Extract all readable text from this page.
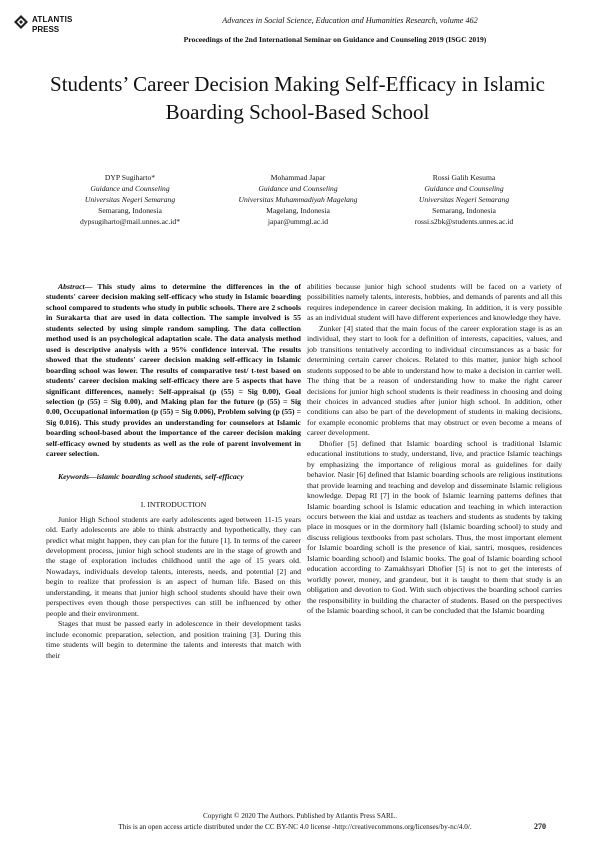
ATLANTIS
PRESS
Advances in Social Science, Education and Humanities Research, volume 462
Proceedings of the 2nd International Seminar on Guidance and Counseling 2019 (ISGC 2019)
Students’ Career Decision Making Self-Efficacy in Islamic Boarding School-Based School
DYP Sugiharto*
Guidance and Counseling
Universitas Negeri Semarang
Semarang, Indonesia
dypsugiharto@mail.unnes.ac.id*
Mohammad Japar
Guidance and Counseling
Universitas Muhammadiyah Magelang
Magelang, Indonesia
japar@ummgl.ac.id
Rossi Galih Kesuma
Guidance and Counseling
Universitas Negeri Semarang
Semarang, Indonesia
rossi.s2bk@students.unnes.ac.id

Abstract— This study aims to determine the differences in the of students' career decision making self-efficacy who study in Islamic boarding school compared to students who study in public schools. There are 2 schools in Surakarta that are used in data collection. The sample involved is 55 students selected by using simple random sampling. The data collection method used is an psychological adaptation scale. The data analysis method used is descriptive analysis with a 95% confidence interval. The results showed that the students' career decision making self-efficacy in Islamic boarding school was lower. The results of comparative test/ t-test based on students' career decision making self-efficacy there are 5 aspects that have significant differences, namely: Self-appraisal (p (55) = Sig 0.00), Goal selection (p (55) = Sig 0.00), and Making plan for the future (p (55) = Sig 0.00, Occupational information (p (55) = Sig 0.006), Problem solving (p (55) = Sig 0.016). This study provides an understanding for counselors at Islamic boarding school-based about the importance of the career decision making self-efficacy owned by students as well as the role of parent involvement in career selection.

Keywords—islamic boarding school students, self-efficacy

I. INTRODUCTION

Junior High School students are early adolescents aged between 11-15 years old. Early adolescents are able to think abstractly and hypothetically, they can predict what might happen, they can plan for the future [1]. In terms of the career development process, junior high school students are in the stage of growth and the stage of exploration includes childhood until the age of 15 years old. Nowadays, individuals develop talents, interests, needs, and potential [2] and begin to realize that profession is an aspect of human life. Based on this understanding, it means that junior high school students should have their own perspectives even though those perspectives can still be influenced by other people and their environment.

Stages that must be passed early in adolescence in their development tasks include economic preparation, selection, and position training [3]. During this time students will begin to determine the talents and interests that match with their

abilities because junior high school students will be faced on a variety of possibilities namely talents, interests, hobbies, and demands of parents and all this requires independence in career decision making. In addition, it is very possible as an individual student will have different experiences and knowledge they have.

Zunker [4] stated that the main focus of the career exploration stage is as an individual, they start to look for a definition of interests, capacities, values, and job transitions tentatively according to individual circumstances as a basic for determining certain career choices. Related to this matter, junior high school students supposed to be able to understand how to make a decision in carrier well. The thing that be a reason of understanding how to make the right career decisions for junior high school students is their readiness in choosing and doing their choices in advanced studies after junior high school. In addition, other conditions can also be part of the development of students in making decisions, for example economic problems that may obstruct or even become a means of career development.

Dhofier [5] defined that Islamic boarding school is traditional Islamic educational institutions to study, understand, live, and practice Islamic teachings by emphasizing the importance of religious moral as guidelines for daily behavior. Nasir [6] defined that Islamic boarding schools are religious institutions that provide learning and teaching and develop and disseminate Islamic religious knowledge. Depag RI [7] in the book of Islamic learning patterns defines that Islamic boarding school is Islamic education and teaching in which interaction occurs between the kiai and ustdaz as teachers and students as students by taking place in mosques or in the dormitory hall (Islamic boarding school) to study and discuss religious textbooks from past scholars. Thus, the most important element for Islamic boarding scholl is the presence of kiai, santri, mosques, residences Islamic boarding school) and Islamic books. The goal of Islamic boarding school education according to Zamakhsyari Dhofier [5] is not to get the interests of worldly power, money, and grandeur, but it is taught to them that study is an obligation and devotion to God. With such objectives the boarding school carries the responsibility in building the character of students. Based on the perspectives of the Islamic boarding school, it can be concluded that the Islamic boarding

Copyright © 2020 The Authors. Published by Atlantis Press SARL.
This is an open access article distributed under the CC BY-NC 4.0 license -http://creativecommons.org/licenses/by-nc/4.0/.	270
